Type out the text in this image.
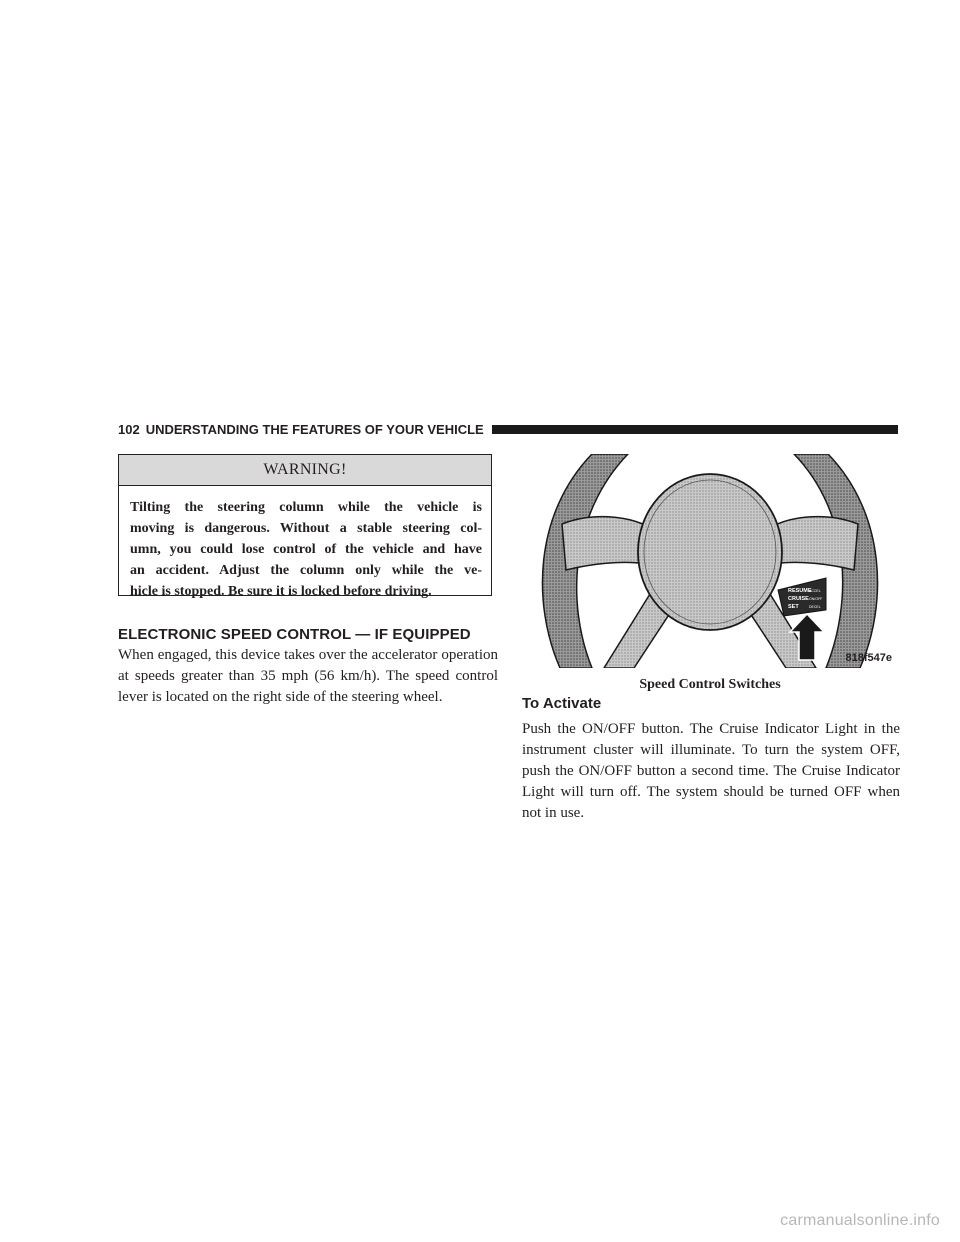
102 UNDERSTANDING THE FEATURES OF YOUR VEHICLE
WARNING!
Tilting the steering column while the vehicle is
moving is dangerous. Without a stable steering col-
umn, you could lose control of the vehicle and have
an accident. Adjust the column only while the ve-
hicle is stopped. Be sure it is locked before driving.
ELECTRONIC SPEED CONTROL — IF EQUIPPED
When engaged, this device takes over the accelerator operation at speeds greater than 35 mph (56 km/h). The speed control lever is located on the right side of the steering wheel.
RESUME
CRUISE
SET
ACCEL
ON/OFF
DECEL
818f547e
Speed Control Switches
To Activate
Push the ON/OFF button. The Cruise Indicator Light in the instrument cluster will illuminate. To turn the system OFF, push the ON/OFF button a second time. The Cruise Indicator Light will turn off. The system should be turned OFF when not in use.
carmanualsonline.info
